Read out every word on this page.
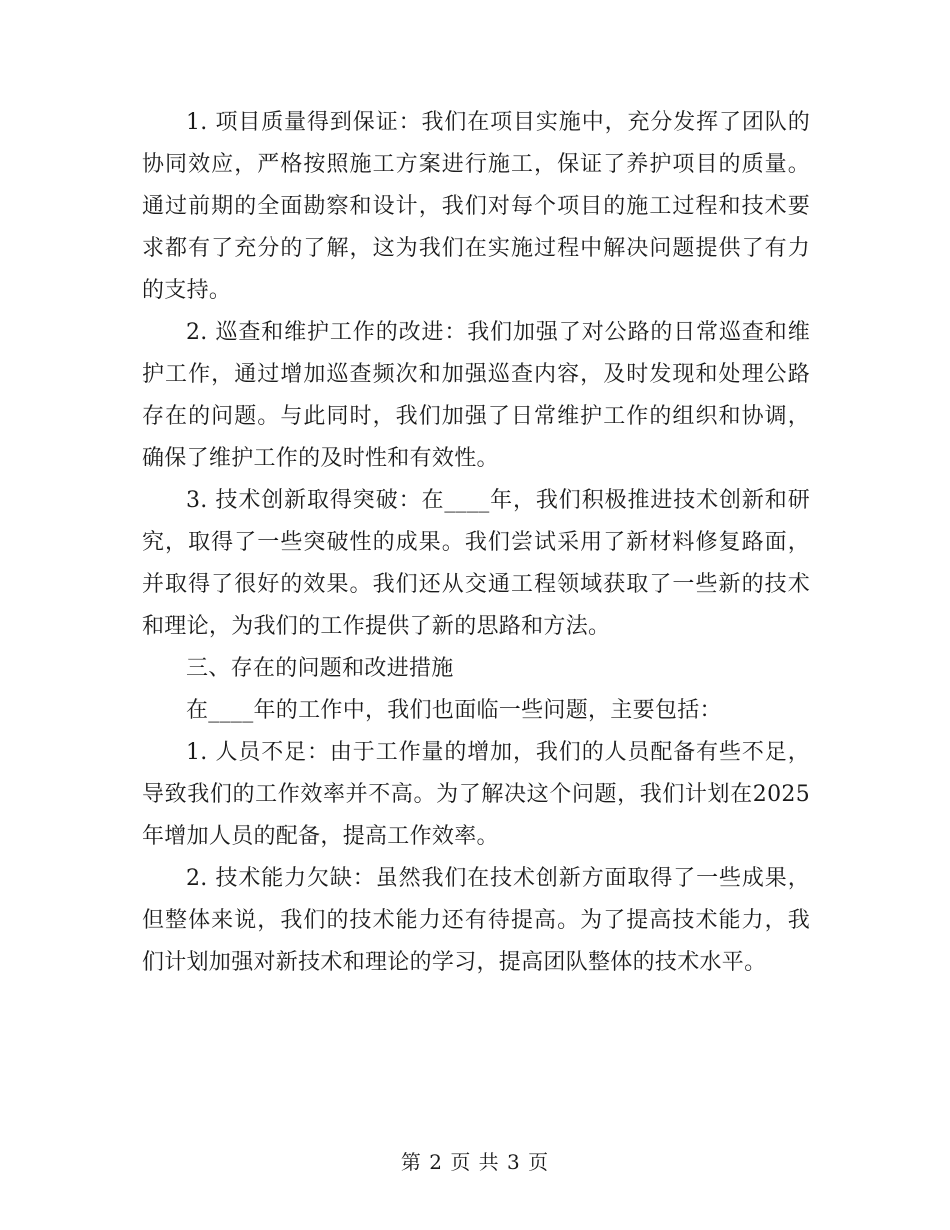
1. 项目质量得到保证：我们在项目实施中，充分发挥了团队的协同效应，严格按照施工方案进行施工，保证了养护项目的质量。通过前期的全面勘察和设计，我们对每个项目的施工过程和技术要求都有了充分的了解，这为我们在实施过程中解决问题提供了有力的支持。

2. 巡查和维护工作的改进：我们加强了对公路的日常巡查和维护工作，通过增加巡查频次和加强巡查内容，及时发现和处理公路存在的问题。与此同时，我们加强了日常维护工作的组织和协调，确保了维护工作的及时性和有效性。

3. 技术创新取得突破：在____年，我们积极推进技术创新和研究，取得了一些突破性的成果。我们尝试采用了新材料修复路面，并取得了很好的效果。我们还从交通工程领域获取了一些新的技术和理论，为我们的工作提供了新的思路和方法。

三、存在的问题和改进措施

在____年的工作中，我们也面临一些问题，主要包括：

1. 人员不足：由于工作量的增加，我们的人员配备有些不足，导致我们的工作效率并不高。为了解决这个问题，我们计划在2025年增加人员的配备，提高工作效率。

2. 技术能力欠缺：虽然我们在技术创新方面取得了一些成果，但整体来说，我们的技术能力还有待提高。为了提高技术能力，我们计划加强对新技术和理论的学习，提高团队整体的技术水平。

第 2 页 共 3 页
